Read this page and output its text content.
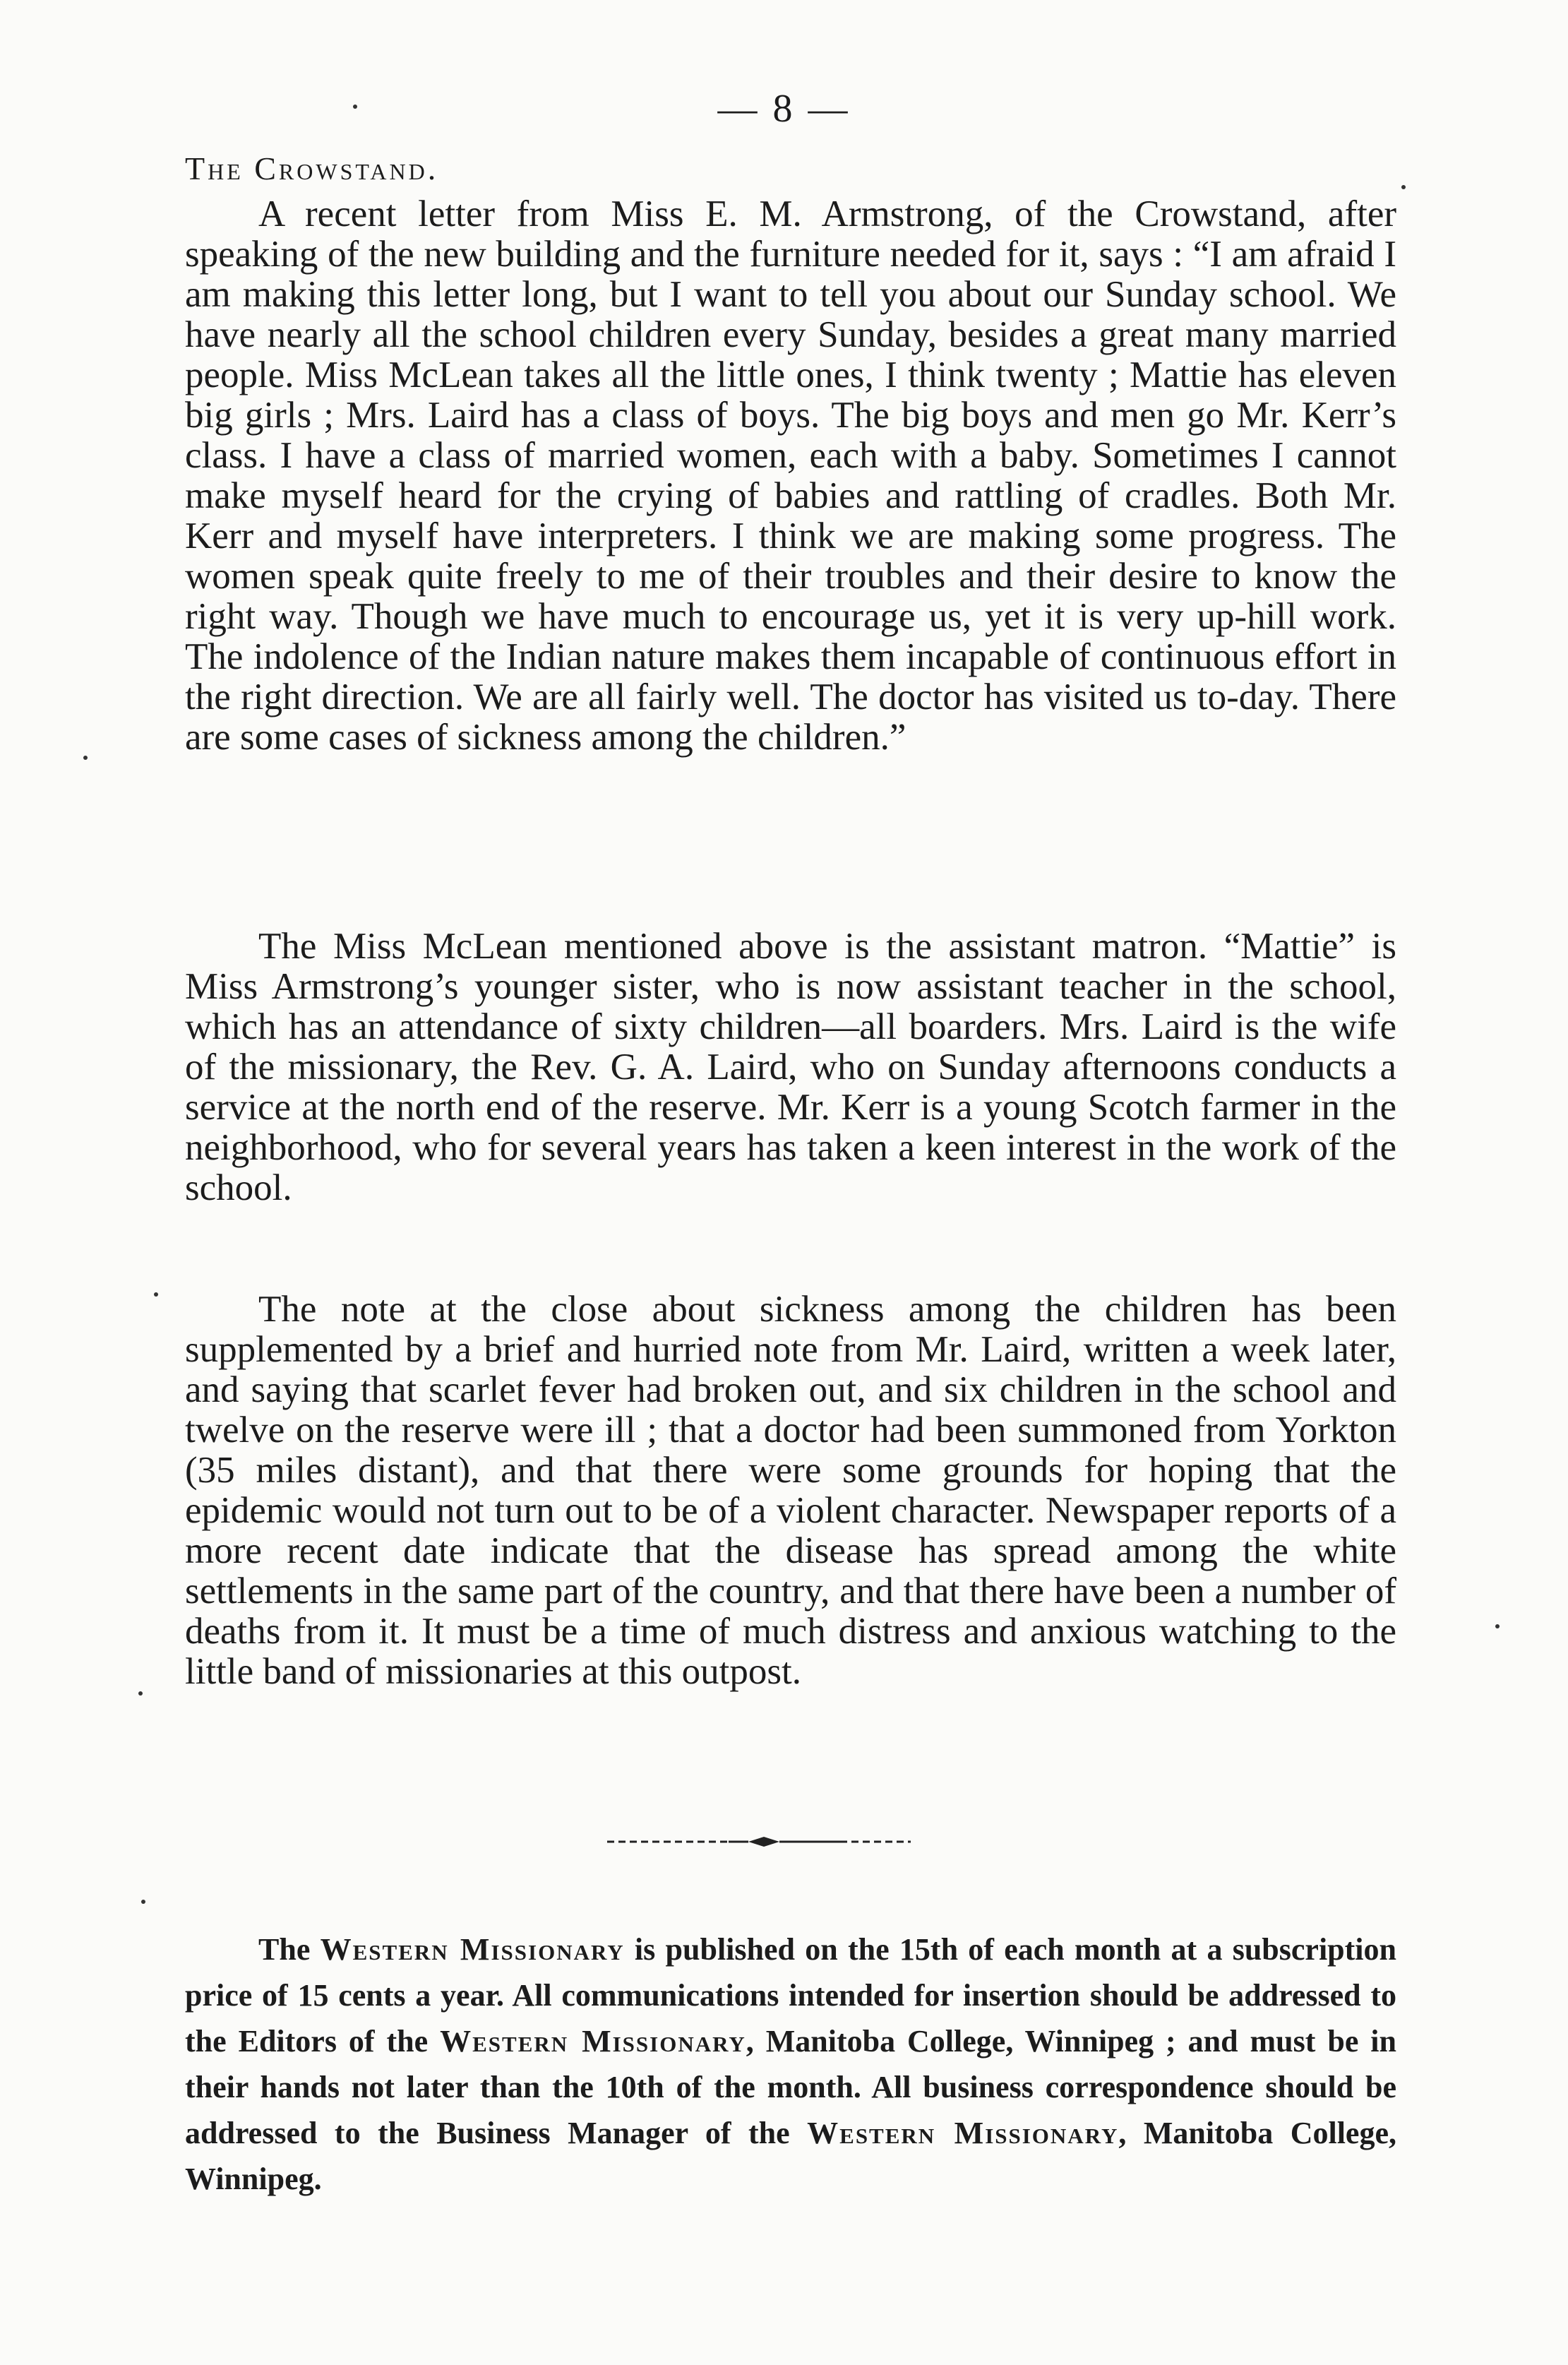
— 8 —
The Crowstand.

A recent letter from Miss E. M. Armstrong, of the Crowstand, after speaking of the new building and the furniture needed for it, says : “I am afraid I am making this letter long, but I want to tell you about our Sunday school. We have nearly all the school children every Sunday, besides a great many married people. Miss McLean takes all the little ones, I think twenty ; Mattie has eleven big girls ; Mrs. Laird has a class of boys. The big boys and men go Mr. Kerr’s class. I have a class of married women, each with a baby. Sometimes I cannot make myself heard for the crying of babies and rattling of cradles. Both Mr. Kerr and myself have interpreters. I think we are making some progress. The women speak quite freely to me of their troubles and their desire to know the right way. Though we have much to encourage us, yet it is very up-hill work. The indolence of the Indian nature makes them incapable of continuous effort in the right direction. We are all fairly well. The doctor has visited us to-day. There are some cases of sickness among the children.”

The Miss McLean mentioned above is the assistant matron. “Mattie” is Miss Armstrong’s younger sister, who is now assistant teacher in the school, which has an attendance of sixty children—all boarders. Mrs. Laird is the wife of the missionary, the Rev. G. A. Laird, who on Sunday afternoons conducts a service at the north end of the reserve. Mr. Kerr is a young Scotch farmer in the neighborhood, who for several years has taken a keen interest in the work of the school.

The note at the close about sickness among the children has been supplemented by a brief and hurried note from Mr. Laird, written a week later, and saying that scarlet fever had broken out, and six children in the school and twelve on the reserve were ill ; that a doctor had been summoned from Yorkton (35 miles distant), and that there were some grounds for hoping that the epidemic would not turn out to be of a violent character. Newspaper reports of a more recent date indicate that the disease has spread among the white settlements in the same part of the country, and that there have been a number of deaths from it. It must be a time of much distress and anxious watching to the little band of missionaries at this outpost.

The Western Missionary is published on the 15th of each month at a subscription price of 15 cents a year. All communications intended for insertion should be addressed to the Editors of the Western Missionary, Manitoba College, Winnipeg ; and must be in their hands not later than the 10th of the month. All business correspondence should be addressed to the Business Manager of the Western Missionary, Manitoba College, Winnipeg.
